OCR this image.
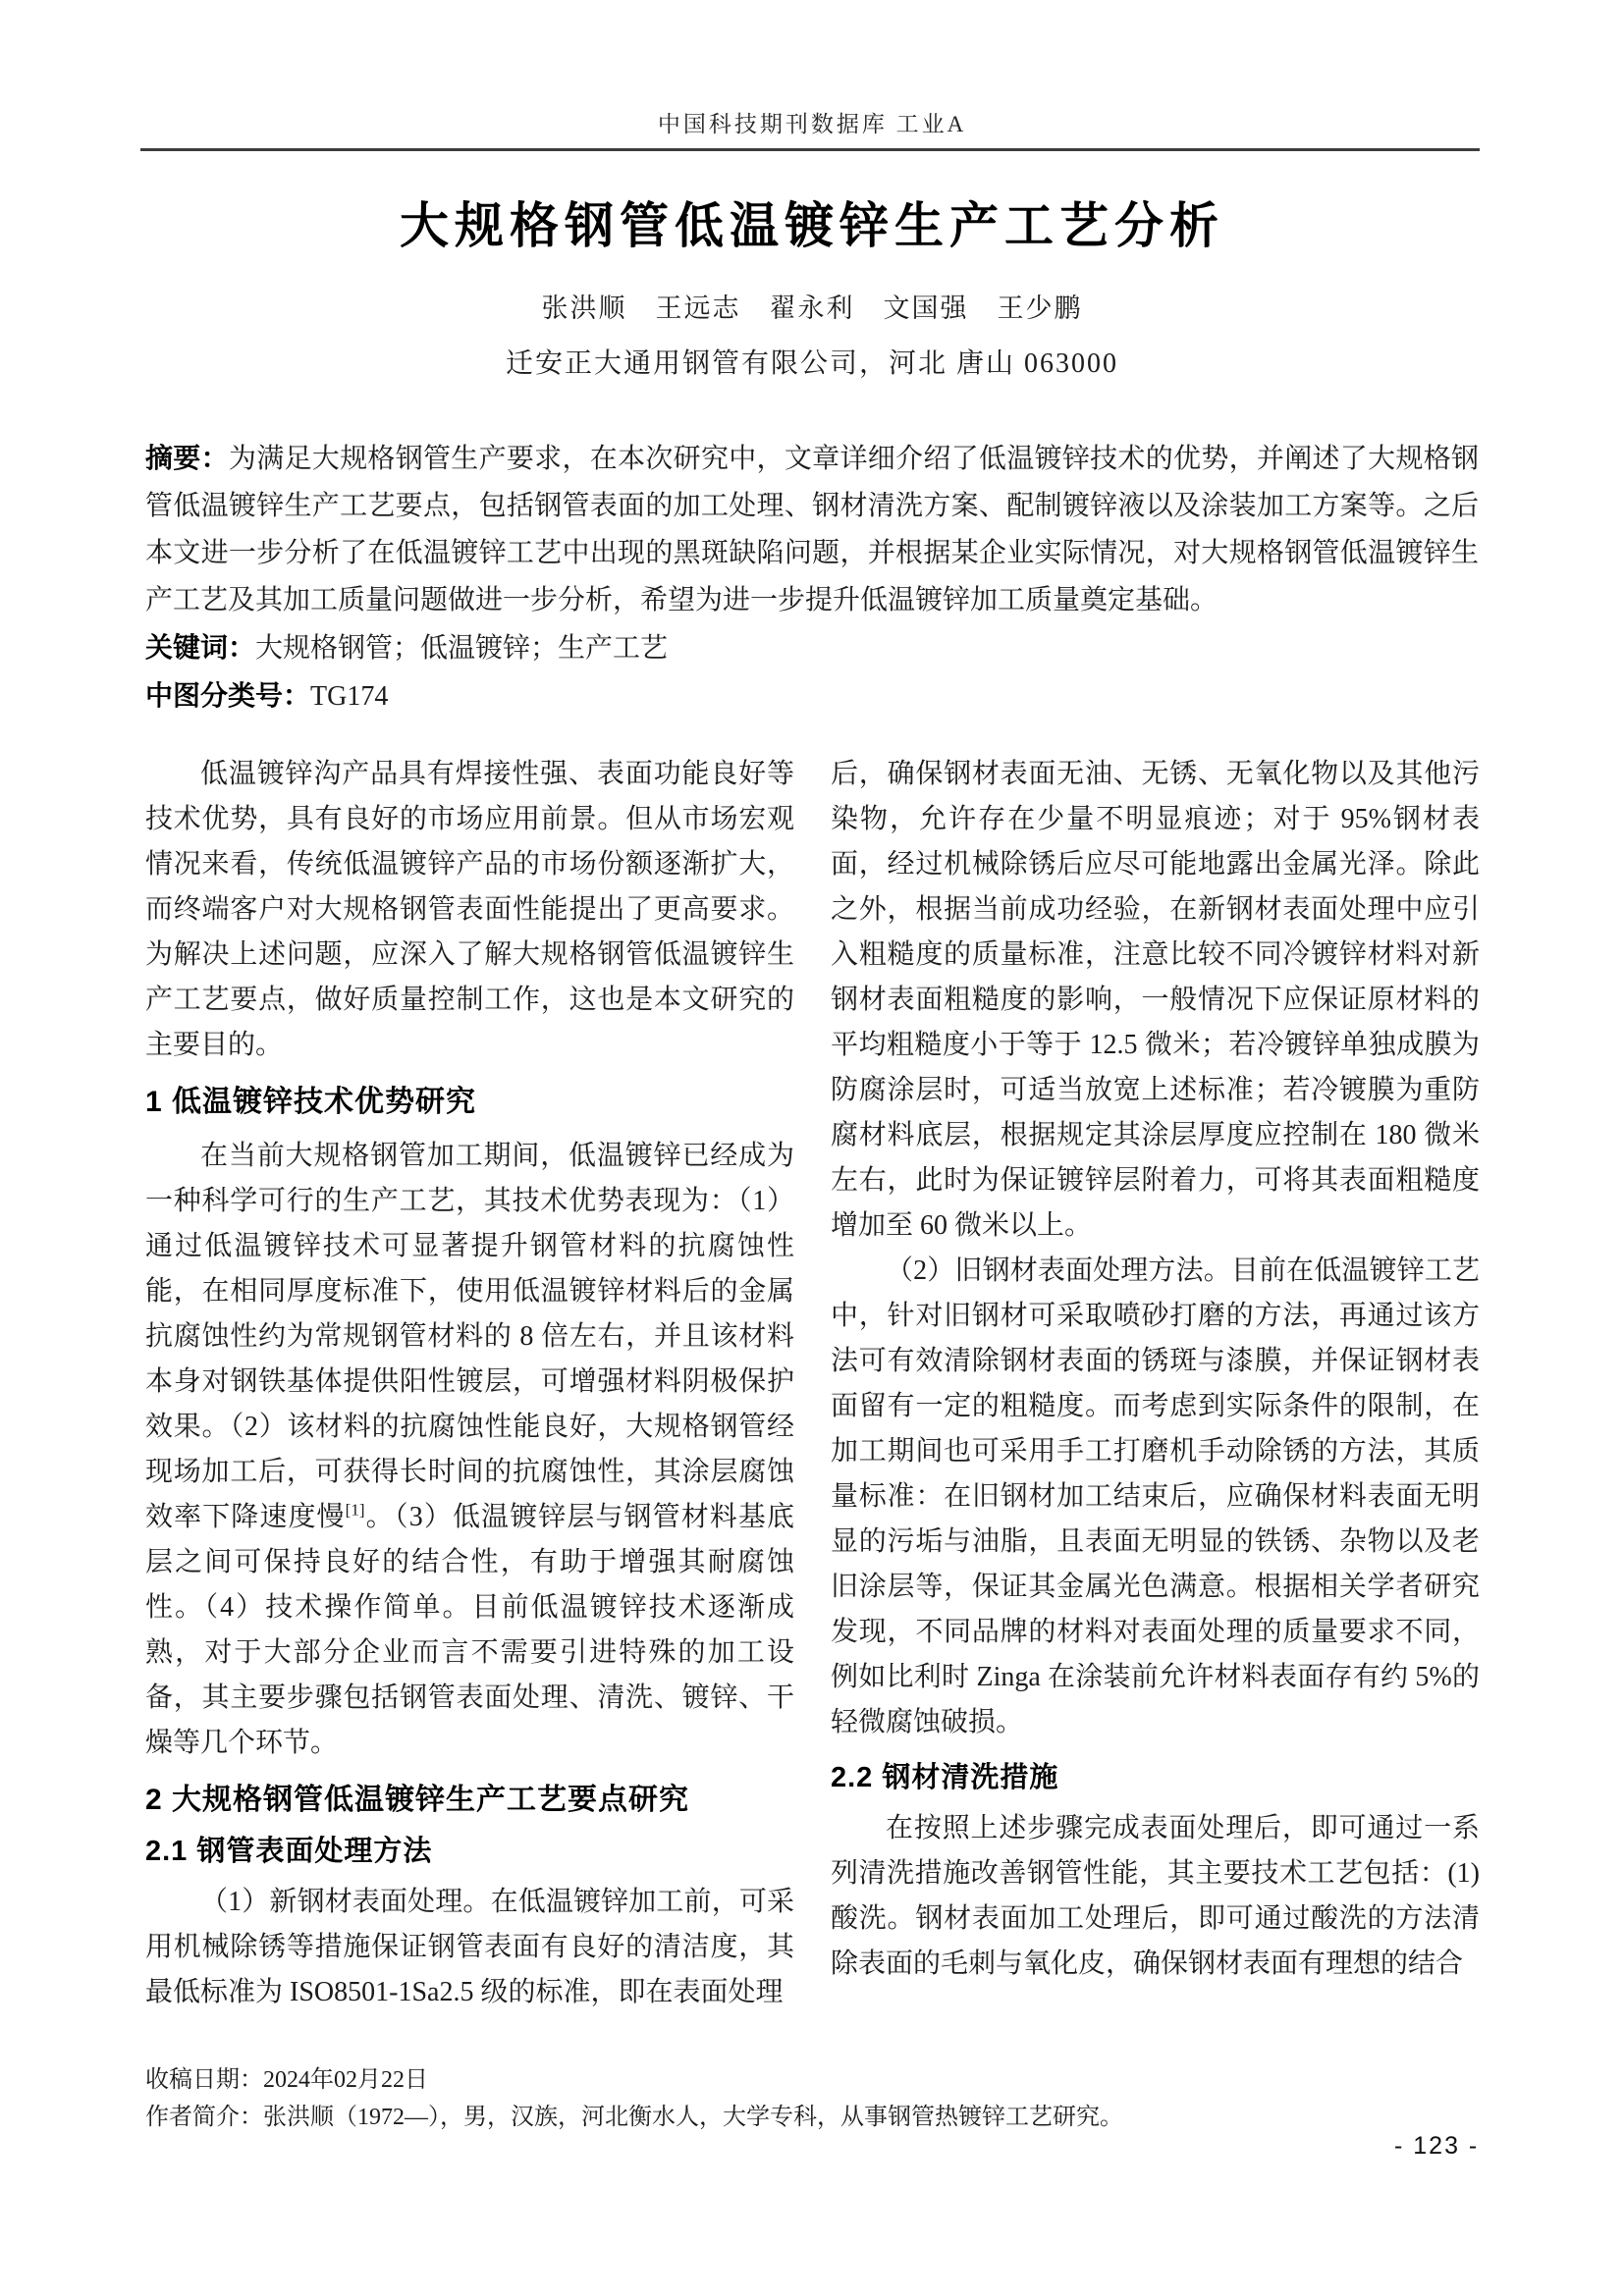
中国科技期刊数据库 工业A
大规格钢管低温镀锌生产工艺分析
张洪顺　王远志　翟永利　文国强　王少鹏
迁安正大通用钢管有限公司，河北 唐山 063000

摘要：为满足大规格钢管生产要求，在本次研究中，文章详细介绍了低温镀锌技术的优势，并阐述了大规格钢管低温镀锌生产工艺要点，包括钢管表面的加工处理、钢材清洗方案、配制镀锌液以及涂装加工方案等。之后本文进一步分析了在低温镀锌工艺中出现的黑斑缺陷问题，并根据某企业实际情况，对大规格钢管低温镀锌生产工艺及其加工质量问题做进一步分析，希望为进一步提升低温镀锌加工质量奠定基础。

关键词：大规格钢管；低温镀锌；生产工艺

中图分类号：TG174

低温镀锌沟产品具有焊接性强、表面功能良好等技术优势，具有良好的市场应用前景。但从市场宏观情况来看，传统低温镀锌产品的市场份额逐渐扩大，而终端客户对大规格钢管表面性能提出了更高要求。为解决上述问题，应深入了解大规格钢管低温镀锌生产工艺要点，做好质量控制工作，这也是本文研究的主要目的。

1 低温镀锌技术优势研究

在当前大规格钢管加工期间，低温镀锌已经成为一种科学可行的生产工艺，其技术优势表现为：（1）通过低温镀锌技术可显著提升钢管材料的抗腐蚀性能，在相同厚度标准下，使用低温镀锌材料后的金属抗腐蚀性约为常规钢管材料的 8 倍左右，并且该材料本身对钢铁基体提供阳性镀层，可增强材料阴极保护效果。（2）该材料的抗腐蚀性能良好，大规格钢管经现场加工后，可获得长时间的抗腐蚀性，其涂层腐蚀效率下降速度慢[1]。（3）低温镀锌层与钢管材料基底层之间可保持良好的结合性，有助于增强其耐腐蚀性。（4）技术操作简单。目前低温镀锌技术逐渐成熟，对于大部分企业而言不需要引进特殊的加工设备，其主要步骤包括钢管表面处理、清洗、镀锌、干燥等几个环节。

2 大规格钢管低温镀锌生产工艺要点研究
2.1 钢管表面处理方法

（1）新钢材表面处理。在低温镀锌加工前，可采用机械除锈等措施保证钢管表面有良好的清洁度，其最低标准为 ISO8501-1Sa2.5 级的标准，即在表面处理

后，确保钢材表面无油、无锈、无氧化物以及其他污染物，允许存在少量不明显痕迹；对于 95%钢材表面，经过机械除锈后应尽可能地露出金属光泽。除此之外，根据当前成功经验，在新钢材表面处理中应引入粗糙度的质量标准，注意比较不同冷镀锌材料对新钢材表面粗糙度的影响，一般情况下应保证原材料的平均粗糙度小于等于 12.5 微米；若冷镀锌单独成膜为防腐涂层时，可适当放宽上述标准；若冷镀膜为重防腐材料底层，根据规定其涂层厚度应控制在 180 微米左右，此时为保证镀锌层附着力，可将其表面粗糙度增加至 60 微米以上。

（2）旧钢材表面处理方法。目前在低温镀锌工艺中，针对旧钢材可采取喷砂打磨的方法，再通过该方法可有效清除钢材表面的锈斑与漆膜，并保证钢材表面留有一定的粗糙度。而考虑到实际条件的限制，在加工期间也可采用手工打磨机手动除锈的方法，其质量标准：在旧钢材加工结束后，应确保材料表面无明显的污垢与油脂，且表面无明显的铁锈、杂物以及老旧涂层等，保证其金属光色满意。根据相关学者研究发现，不同品牌的材料对表面处理的质量要求不同，例如比利时 Zinga 在涂装前允许材料表面存有约 5%的轻微腐蚀破损。

2.2 钢材清洗措施

在按照上述步骤完成表面处理后，即可通过一系列清洗措施改善钢管性能，其主要技术工艺包括：(1)酸洗。钢材表面加工处理后，即可通过酸洗的方法清除表面的毛刺与氧化皮，确保钢材表面有理想的结合

收稿日期：2024年02月22日
作者简介：张洪顺（1972—），男，汉族，河北衡水人，大学专科，从事钢管热镀锌工艺研究。
- 123 -
